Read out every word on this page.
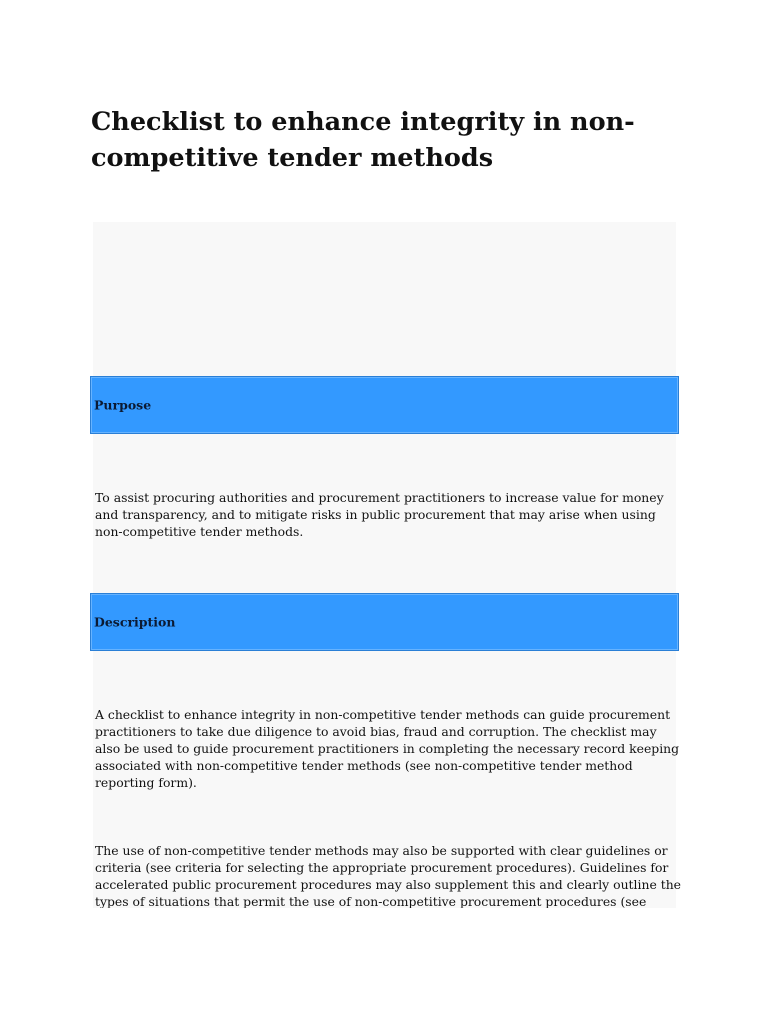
Checklist to enhance integrity in non-competitive tender methods
Purpose

To assist procuring authorities and procurement practitioners to increase value for money and transparency, and to mitigate risks in public procurement that may arise when using non-competitive tender methods.

Description

A checklist to enhance integrity in non-competitive tender methods can guide procurement practitioners to take due diligence to avoid bias, fraud and corruption. The checklist may also be used to guide procurement practitioners in completing the necessary record keeping associated with non-competitive tender methods (see non-competitive tender method reporting form).

The use of non-competitive tender methods may also be supported with clear guidelines or criteria (see criteria for selecting the appropriate procurement procedures). Guidelines for accelerated public procurement procedures may also supplement this and clearly outline the types of situations that permit the use of non-competitive procurement procedures (see
